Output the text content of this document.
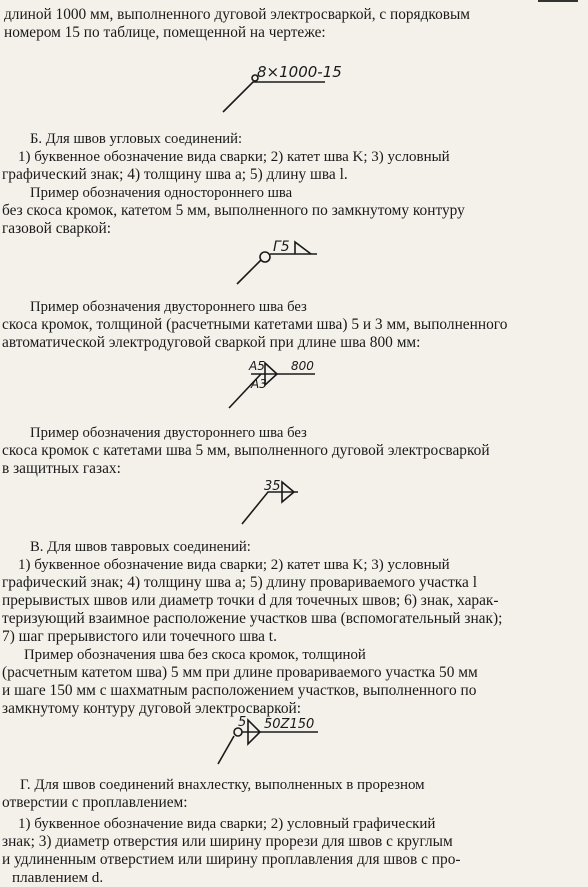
длиной 1000 мм, выполненного дуговой электросваркой, с порядковым
номером 15 по таблице, помещенной на чертеже:
8×1000-15
Б. Для швов угловых соединений:
1) буквенное обозначение вида сварки; 2) катет шва K; 3) условный
графический знак; 4) толщину шва a; 5) длину шва l.
Пример обозначения одностороннего шва
без скоса кромок, катетом 5 мм, выполненного по замкнутому контуру
газовой сваркой:
Г5
Пример обозначения двустороннего шва без
скоса кромок, толщиной (расчетными катетами шва) 5 и 3 мм, выполненного
автоматической электродуговой сваркой при длине шва 800 мм:
А5
А3
800
Пример обозначения двустороннего шва без
скоса кромок с катетами шва 5 мм, выполненного дуговой электросваркой
в защитных газах:
35
В. Для швов тавровых соединений:
1) буквенное обозначение вида сварки; 2) катет шва K; 3) условный
графический знак; 4) толщину шва a; 5) длину провариваемого участка l
прерывистых швов или диаметр точки d для точечных швов; 6) знак, харак-
теризующий взаимное расположение участков шва (вспомогательный знак);
7) шаг прерывистого или точечного шва t.
Пример обозначения шва без скоса кромок, толщиной
(расчетным катетом шва) 5 мм при длине провариваемого участка 50 мм
и шаге 150 мм с шахматным расположением участков, выполненного по
замкнутому контуру дуговой электросваркой:
5 50Z150
Г. Для швов соединений внахлестку, выполненных в прорезном
отверстии с проплавлением:
1) буквенное обозначение вида сварки; 2) условный графический
знак; 3) диаметр отверстия или ширину прорези для швов с круглым
и удлиненным отверстием или ширину проплавления для швов с про-
плавлением d.
